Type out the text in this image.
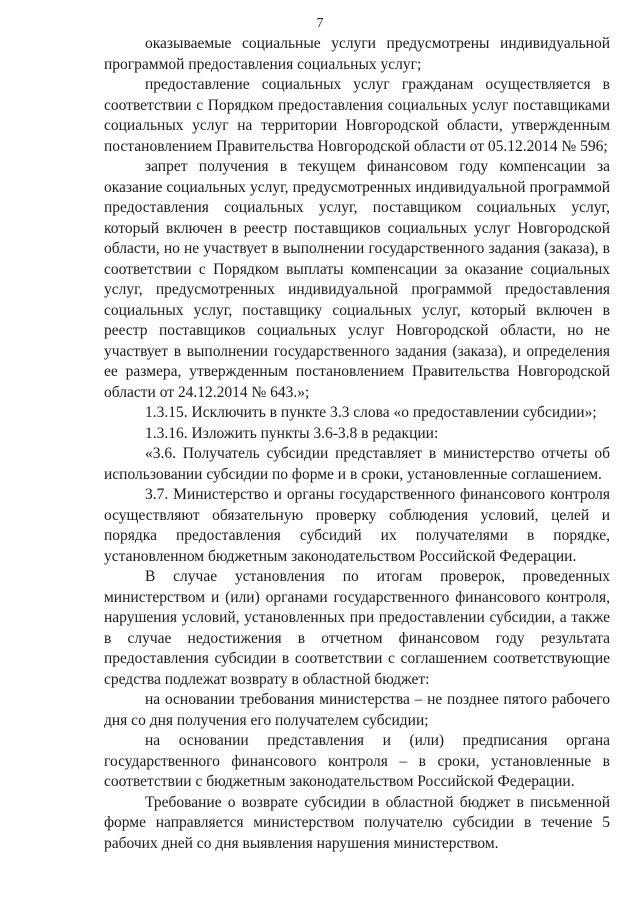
7

оказываемые социальные услуги предусмотрены индивидуальной программой предоставления социальных услуг;

предоставление социальных услуг гражданам осуществляется в соответствии с Порядком предоставления социальных услуг поставщиками социальных услуг на территории Новгородской области, утвержденным постановлением Правительства Новгородской области от 05.12.2014 № 596;

запрет получения в текущем финансовом году компенсации за оказание социальных услуг, предусмотренных индивидуальной программой предоставления социальных услуг, поставщиком социальных услуг, который включен в реестр поставщиков социальных услуг Новгородской области, но не участвует в выполнении государственного задания (заказа), в соответствии с Порядком выплаты компенсации за оказание социальных услуг, предусмотренных индивидуальной программой предоставления социальных услуг, поставщику социальных услуг, который включен в реестр поставщиков социальных услуг Новгородской области, но не участвует в выполнении государственного задания (заказа), и определения ее размера, утвержденным постановлением Правительства Новгородской области от 24.12.2014 № 643.»;

1.3.15. Исключить в пункте 3.3 слова «о предоставлении субсидии»;

1.3.16. Изложить пункты 3.6-3.8 в редакции:

«3.6. Получатель субсидии представляет в министерство отчеты об использовании субсидии по форме и в сроки, установленные соглашением.

3.7. Министерство и органы государственного финансового контроля осуществляют обязательную проверку соблюдения условий, целей и порядка предоставления субсидий их получателями в порядке, установленном бюджетным законодательством Российской Федерации.

В случае установления по итогам проверок, проведенных министерством и (или) органами государственного финансового контроля, нарушения условий, установленных при предоставлении субсидии, а также в случае недостижения в отчетном финансовом году результата предоставления субсидии в соответствии с соглашением соответствующие средства подлежат возврату в областной бюджет:

на основании требования министерства – не позднее пятого рабочего дня со дня получения его получателем субсидии;

на основании представления и (или) предписания органа государственного финансового контроля – в сроки, установленные в соответствии с бюджетным законодательством Российской Федерации.

Требование о возврате субсидии в областной бюджет в письменной форме направляется министерством получателю субсидии в течение 5 рабочих дней со дня выявления нарушения министерством.
